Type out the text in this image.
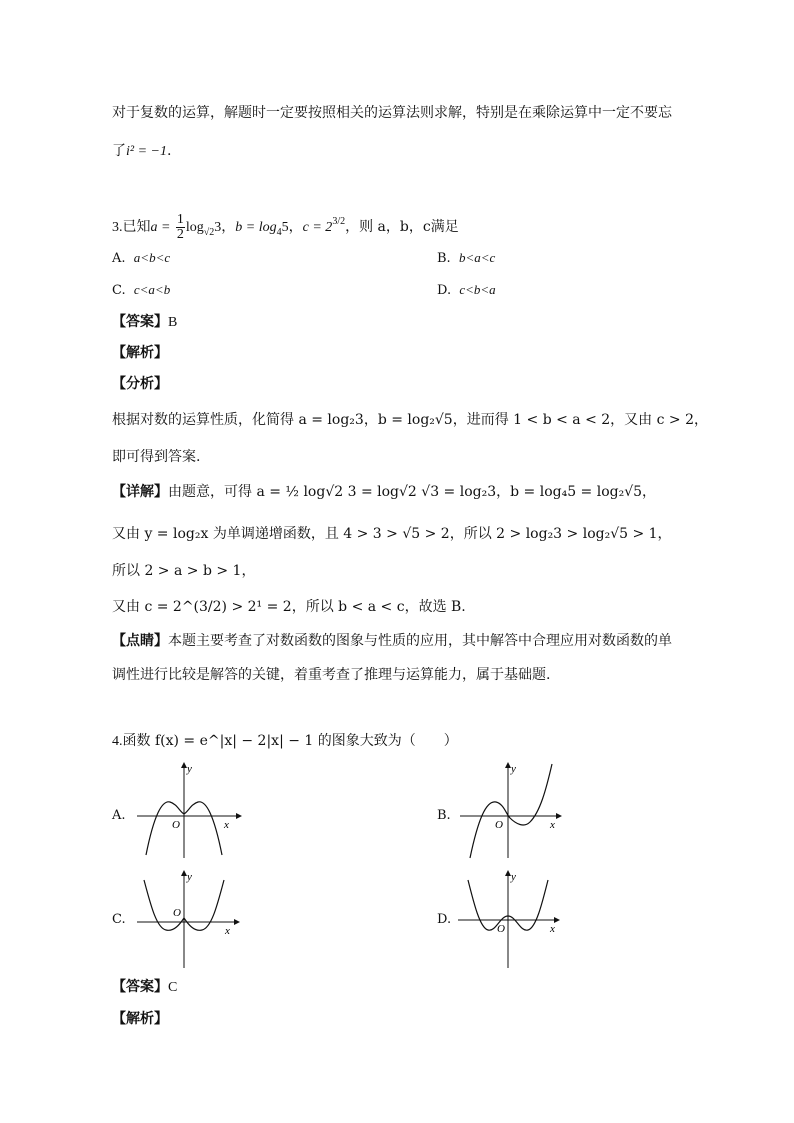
对于复数的运算，解题时一定要按照相关的运算法则求解，特别是在乘除运算中一定不要忘
了i² = −1.
3.已知$a = \frac{1}{2} \log_{√2}3$，$b = \log_45$，$c = 2^{3/2}$，则 a，b，c满足
A. a<b<c	B. b<a<c
C. c<a<b	D. c<b<a
【答案】B
【解析】
【分析】
根据对数的运算性质，化简得 a = log₂3，b = log₂√5，进而得 1 < b < a < 2，又由 c > 2，
即可得到答案.
【详解】由题意，可得 a = ½ log√2 3 = log√2 √3 = log₂3，b = log₄5 = log₂√5，
又由 y = log₂x 为单调递增函数，且 4 > 3 > √5 > 2，所以 2 > log₂3 > log₂√5 > 1，
所以 2 > a > b > 1，
又由 c = 2^(3/2) > 2¹ = 2，所以 b < a < c，故选 B.
【点睛】本题主要考查了对数函数的图象与性质的应用，其中解答中合理应用对数函数的单
调性进行比较是解答的关键，着重考查了推理与运算能力，属于基础题.
4.函数 f(x) = e^|x| − 2|x| − 1 的图象大致为（　　）
A.	B.
C.	D.
y
x
O
y
x
O
y
x
O
y
x
O
【答案】C
【解析】
